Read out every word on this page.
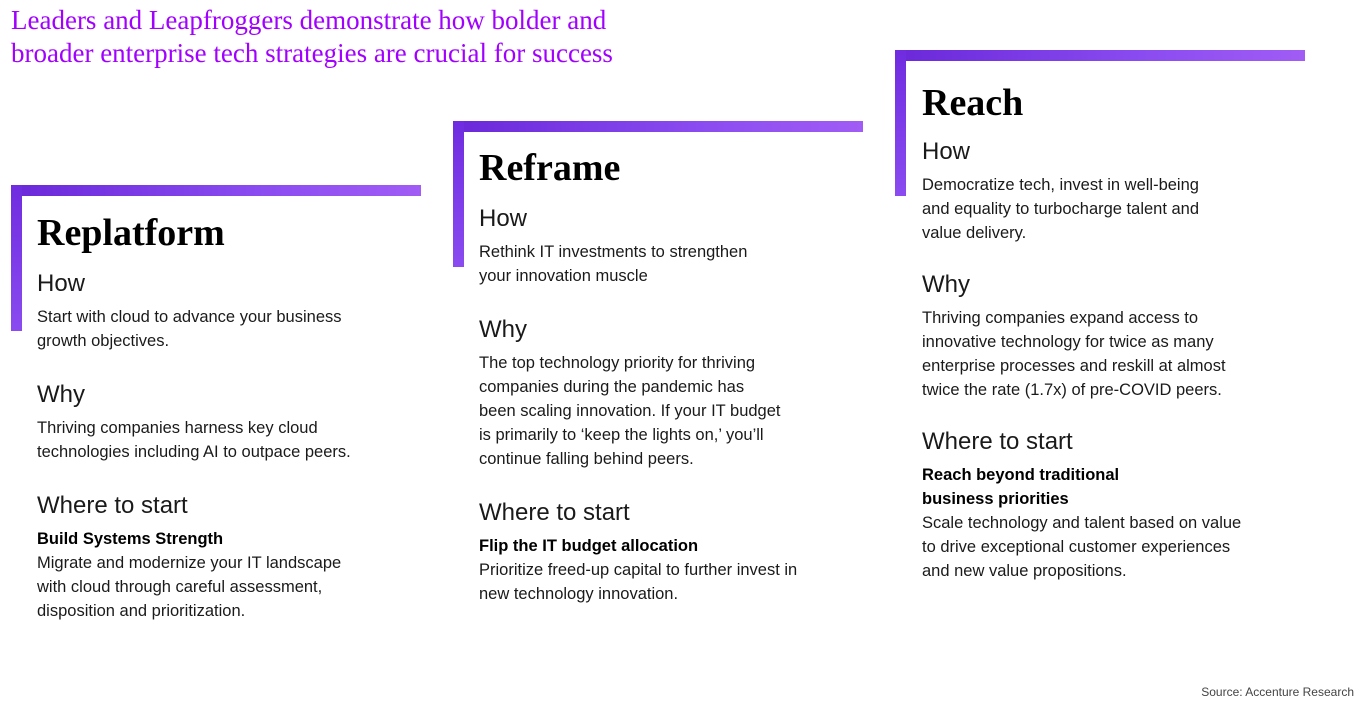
Leaders and Leapfroggers demonstrate how bolder and
broader enterprise tech strategies are crucial for success
Replatform

How

Start with cloud to advance your business

growth objectives.

Why

Thriving companies harness key cloud

technologies including AI to outpace peers.

Where to start

Build Systems Strength

Migrate and modernize your IT landscape

with cloud through careful assessment,

disposition and prioritization.

Reframe

How

Rethink IT investments to strengthen

your innovation muscle

Why

The top technology priority for thriving

companies during the pandemic has

been scaling innovation. If your IT budget

is primarily to ‘keep the lights on,’ you’ll

continue falling behind peers.

Where to start

Flip the IT budget allocation

Prioritize freed-up capital to further invest in

new technology innovation.

Reach

How

Democratize tech, invest in well-being

and equality to turbocharge talent and

value delivery.

Why

Thriving companies expand access to

innovative technology for twice as many

enterprise processes and reskill at almost

twice the rate (1.7x) of pre-COVID peers.

Where to start

Reach beyond traditional

business priorities

Scale technology and talent based on value

to drive exceptional customer experiences

and new value propositions.

Source: Accenture Research
